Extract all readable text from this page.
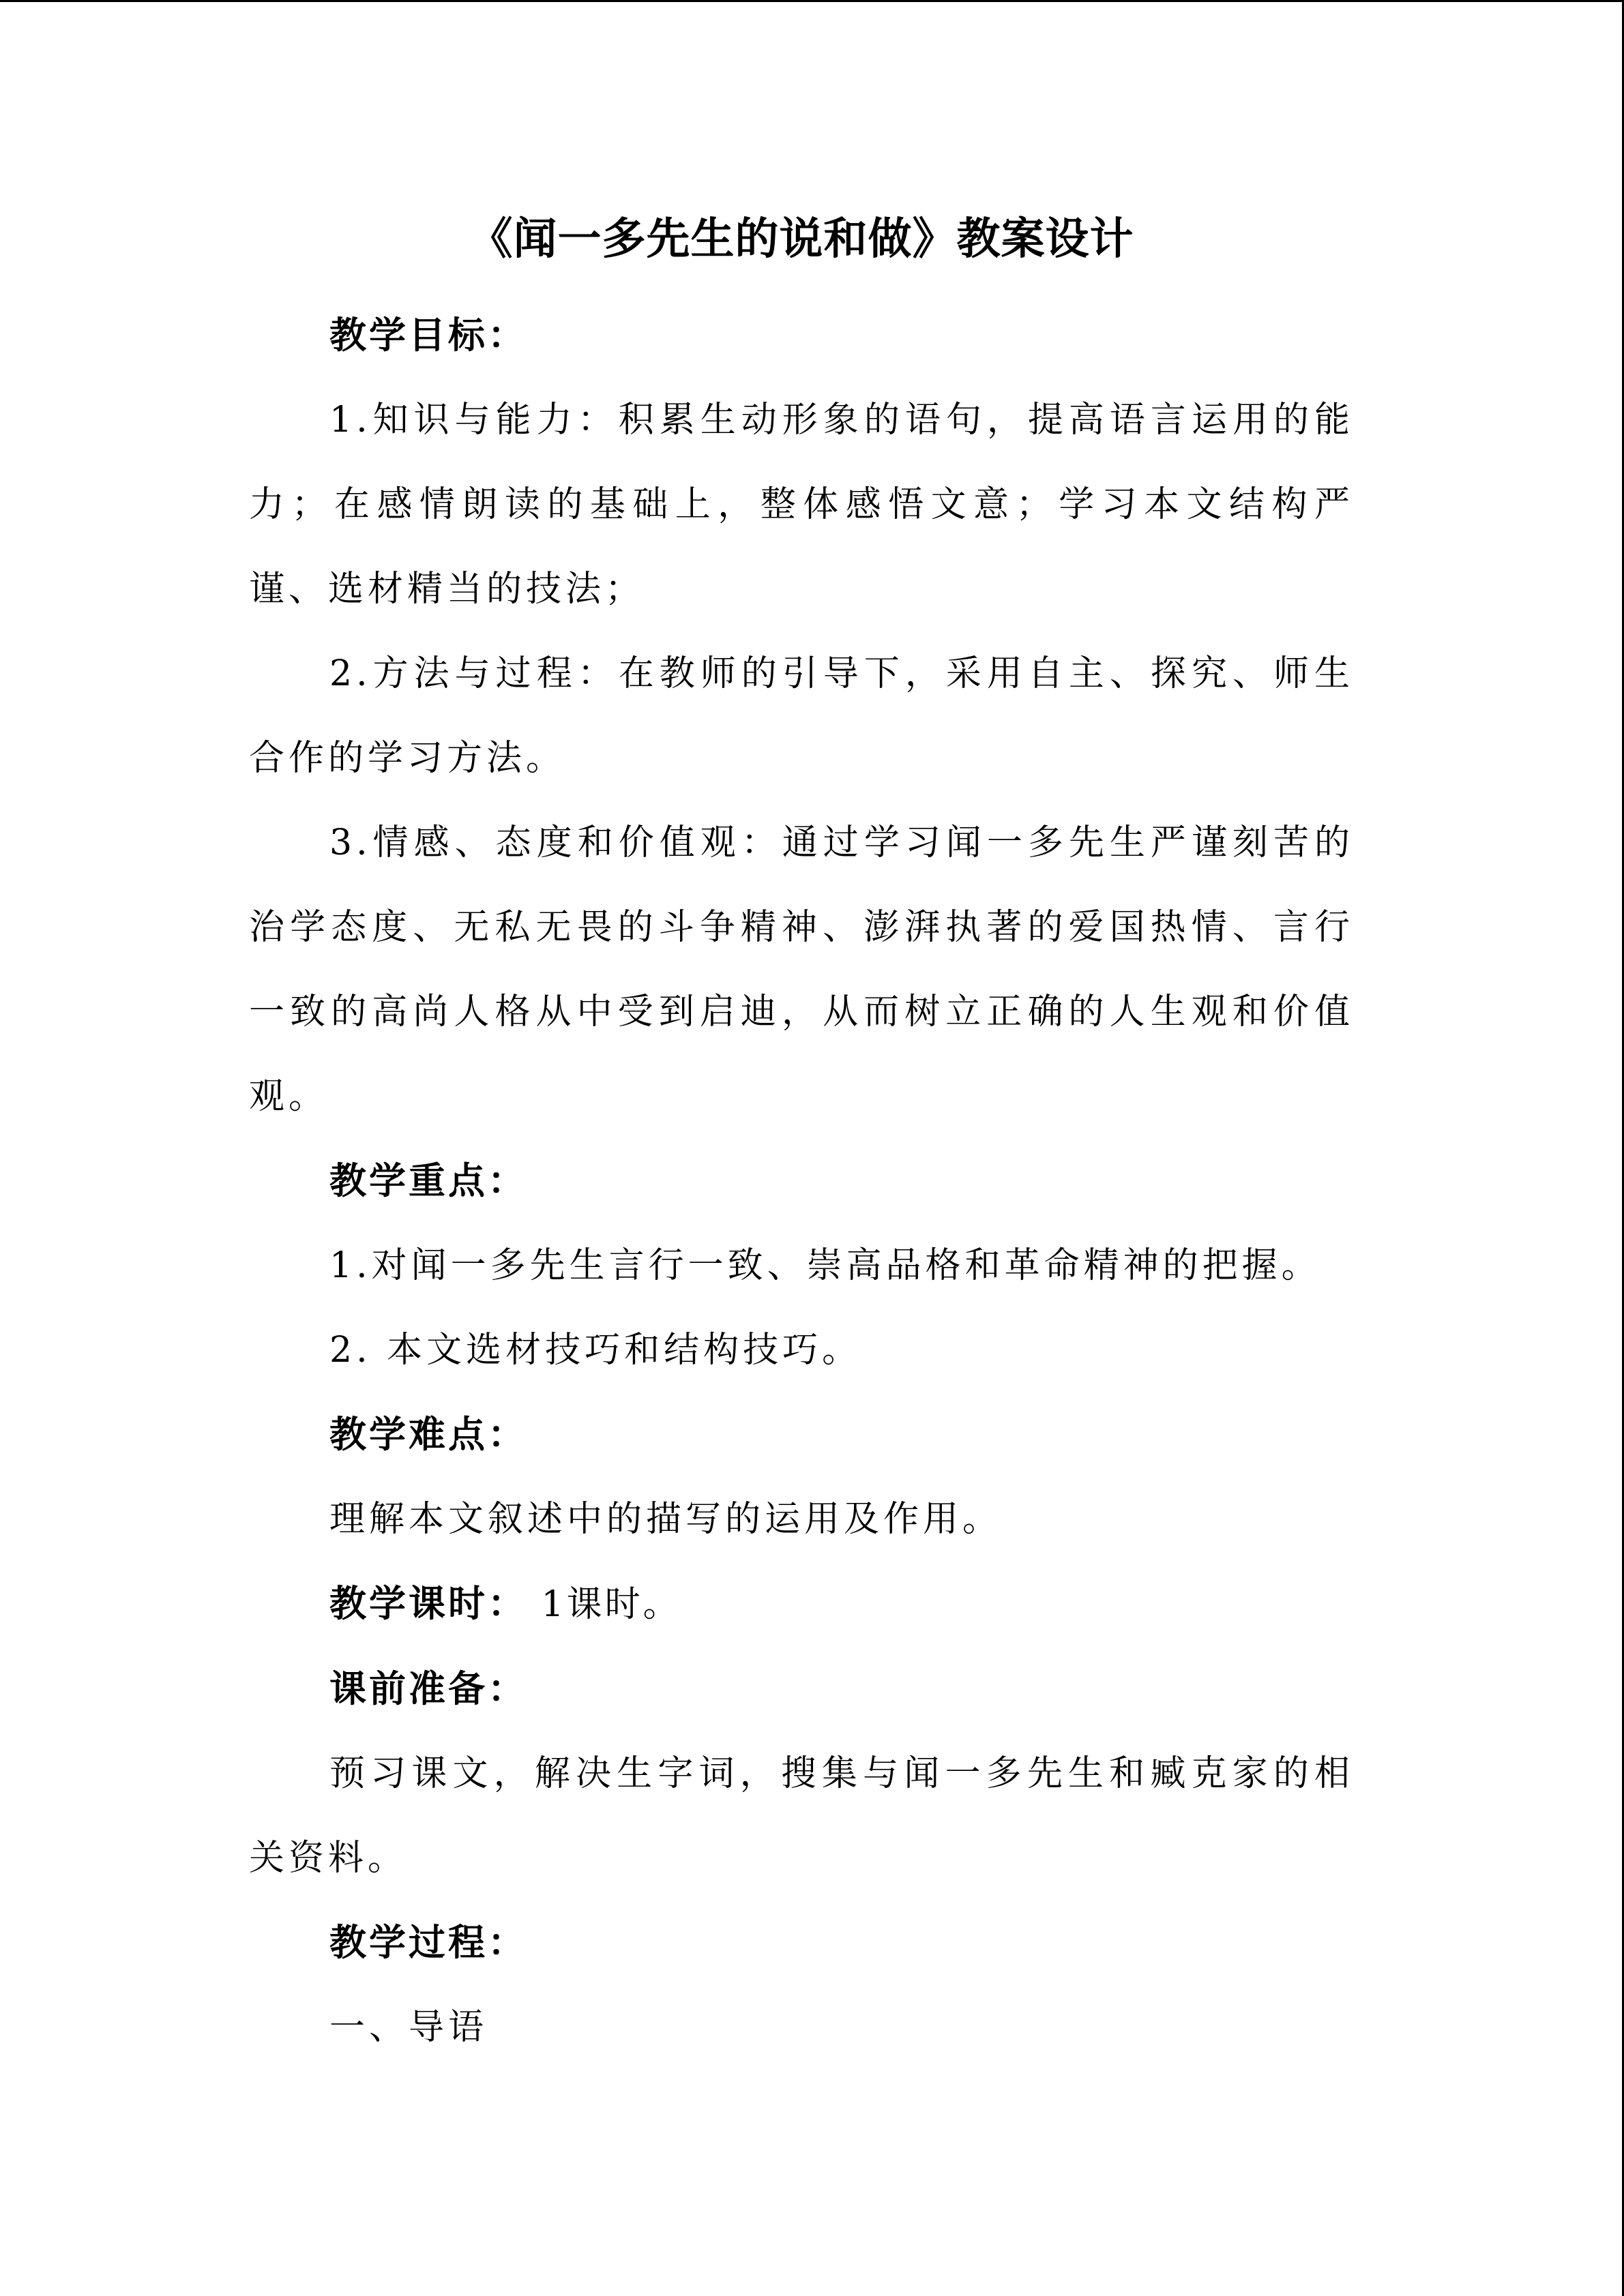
《闻一多先生的说和做》教案设计

教学目标：

1.知识与能力：积累生动形象的语句，提高语言运用的能力；在感情朗读的基础上，整体感悟文意；学习本文结构严谨、选材精当的技法；

2.方法与过程：在教师的引导下，采用自主、探究、师生合作的学习方法。

3.情感、态度和价值观：通过学习闻一多先生严谨刻苦的治学态度、无私无畏的斗争精神、澎湃执著的爱国热情、言行一致的高尚人格从中受到启迪，从而树立正确的人生观和价值观。

教学重点：

1.对闻一多先生言行一致、崇高品格和革命精神的把握。

2. 本文选材技巧和结构技巧。

教学难点：

理解本文叙述中的描写的运用及作用。

教学课时： 1课时。

课前准备：

预习课文，解决生字词，搜集与闻一多先生和臧克家的相关资料。

教学过程：

一、导语
